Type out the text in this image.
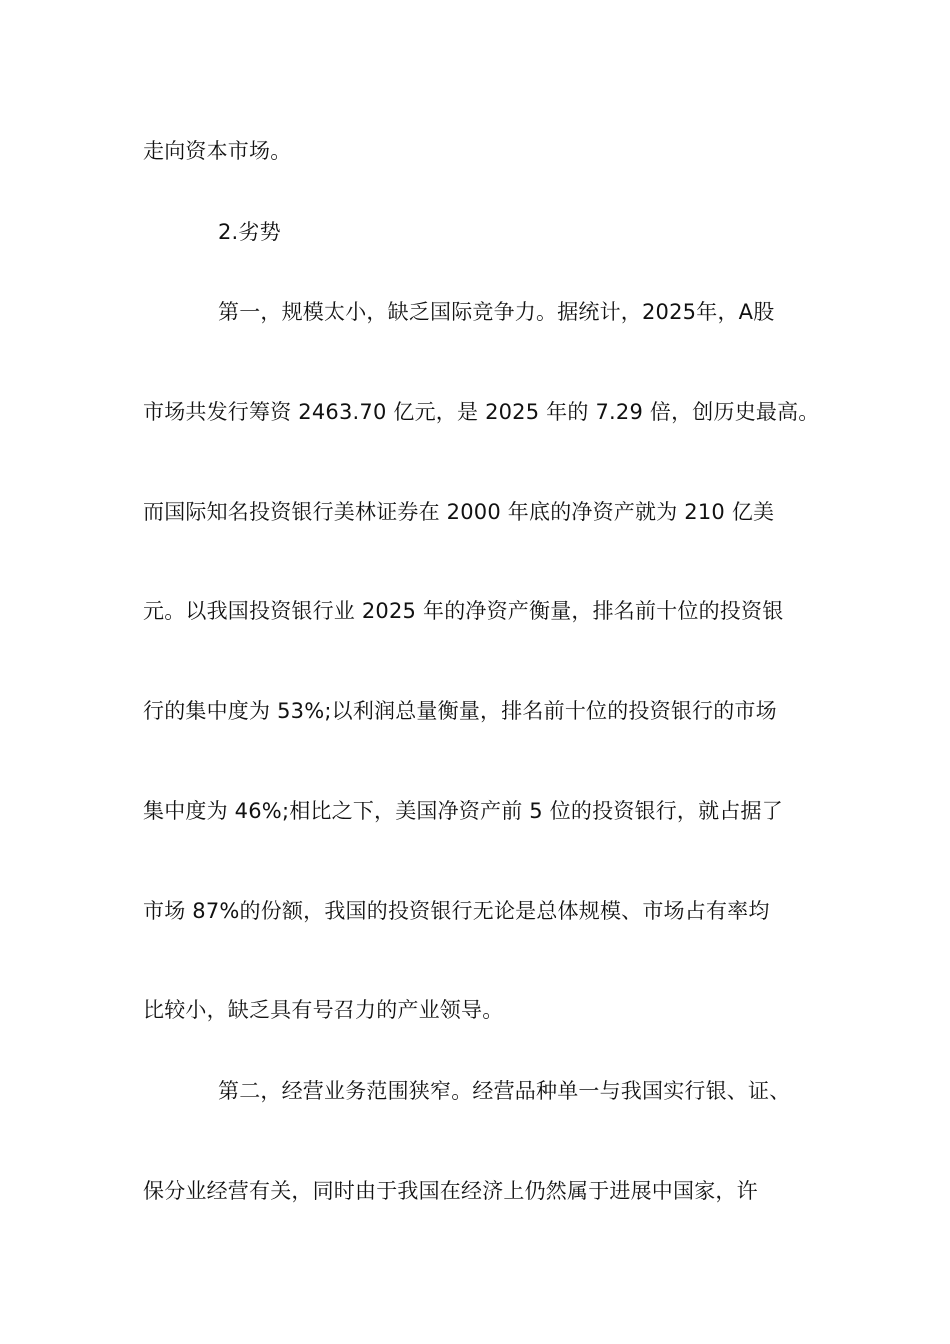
走向资本市场。
2.劣势
第一，规模太小，缺乏国际竞争力。据统计，2025年，A股
市场共发行筹资 2463.70 亿元，是 2025 年的 7.29 倍，创历史最高。
而国际知名投资银行美林证券在 2000 年底的净资产就为 210 亿美
元。以我国投资银行业 2025 年的净资产衡量，排名前十位的投资银
行的集中度为 53%;以利润总量衡量，排名前十位的投资银行的市场
集中度为 46%;相比之下，美国净资产前 5 位的投资银行，就占据了
市场 87%的份额，我国的投资银行无论是总体规模、市场占有率均
比较小，缺乏具有号召力的产业领导。
第二，经营业务范围狭窄。经营品种单一与我国实行银、证、
保分业经营有关，同时由于我国在经济上仍然属于进展中国家，许
